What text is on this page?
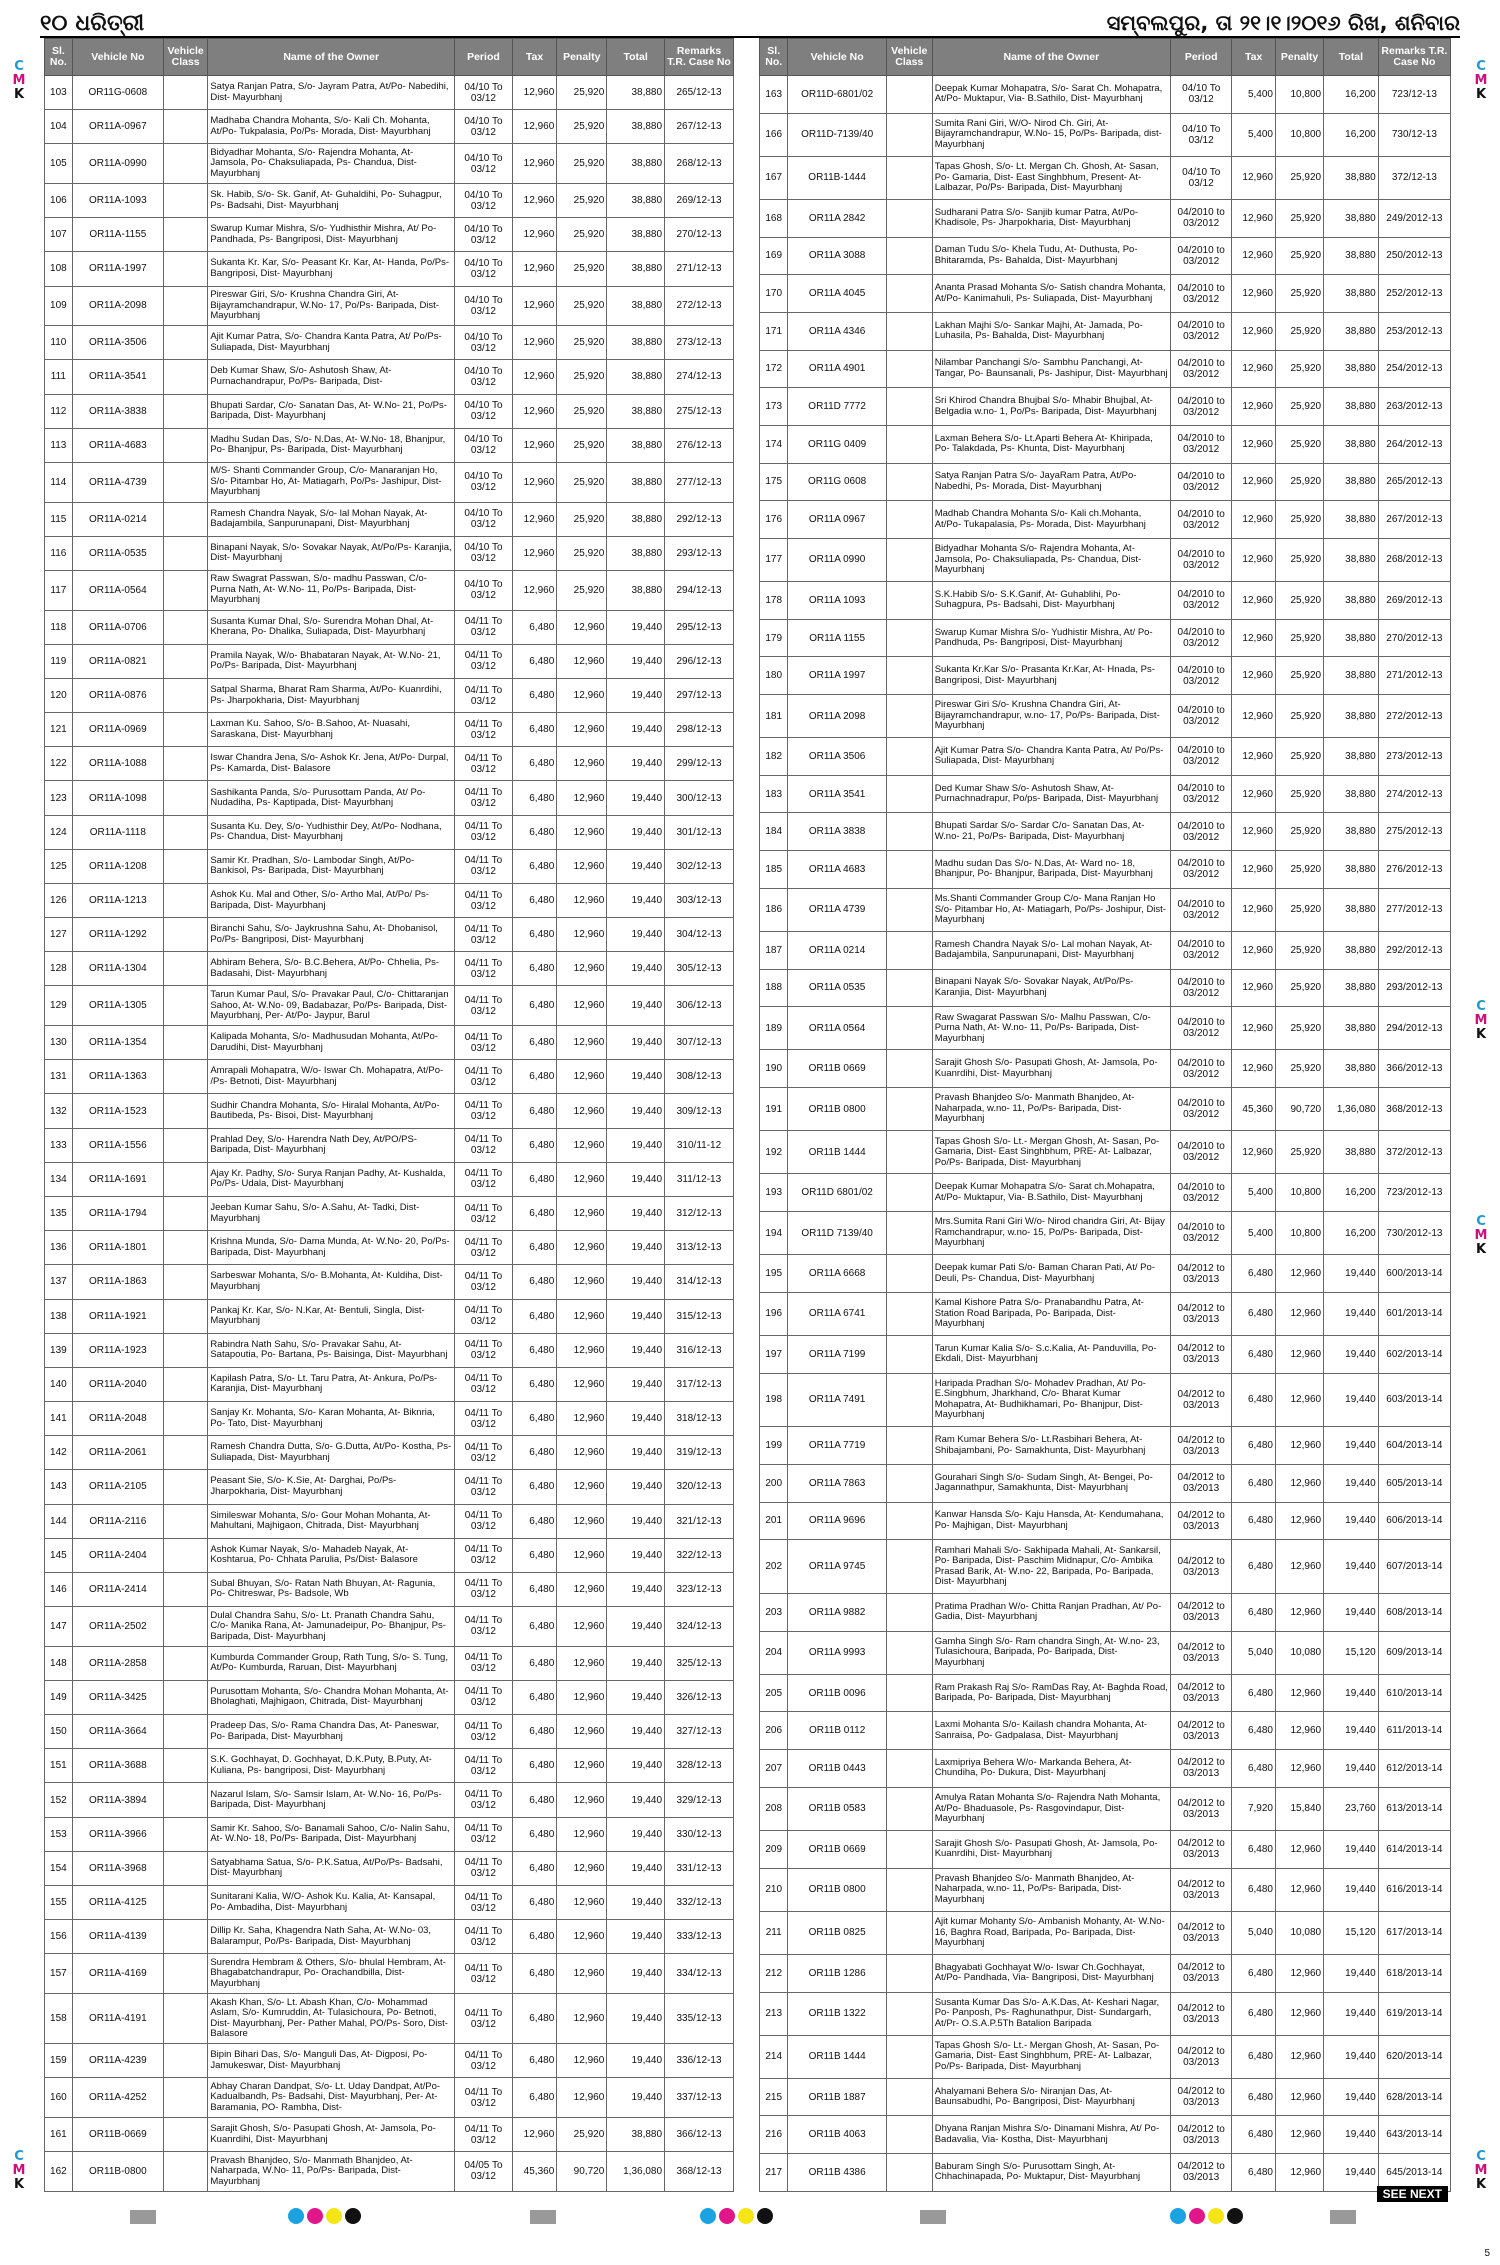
୧୦ ଧରିତ୍ରୀ	ସମ୍ବଲପୁର, ତା ୨୧।୧।୨୦୧୬ ରିଖ, ଶନିବାର
Sl. No.	Vehicle No	Vehicle Class	Name of the Owner	Period	Tax	Penalty	Total	Remarks T.R. Case No
103	OR11G-0608		Satya Ranjan Patra, S/o- Jayram Patra, At/Po- Nabedihi, Dist- Mayurbhanj	04/10 To 03/12	12,960	25,920	38,880	265/12-13
104	OR11A-0967		Madhaba Chandra Mohanta, S/o- Kali Ch. Mohanta, At/Po- Tukpalasia, Po/Ps- Morada, Dist- Mayurbhanj	04/10 To 03/12	12,960	25,920	38,880	267/12-13
105	OR11A-0990		Bidyadhar Mohanta, S/o- Rajendra Mohanta, At- Jamsola, Po- Chaksuliapada, Ps- Chandua, Dist- Mayurbhanj	04/10 To 03/12	12,960	25,920	38,880	268/12-13
106	OR11A-1093		Sk. Habib, S/o- Sk. Ganif, At- Guhaldihi, Po- Suhagpur, Ps- Badsahi, Dist- Mayurbhanj	04/10 To 03/12	12,960	25,920	38,880	269/12-13
107	OR11A-1155		Swarup Kumar Mishra, S/o- Yudhisthir Mishra, At/ Po- Pandhada, Ps- Bangriposi, Dist- Mayurbhanj	04/10 To 03/12	12,960	25,920	38,880	270/12-13
108	OR11A-1997		Sukanta Kr. Kar, S/o- Peasant Kr. Kar, At- Handa, Po/Ps- Bangriposi, Dist- Mayurbhanj	04/10 To 03/12	12,960	25,920	38,880	271/12-13
109	OR11A-2098		Pireswar Giri, S/o- Krushna Chandra Giri, At- Bijayramchandrapur, W.No- 17, Po/Ps- Baripada, Dist- Mayurbhanj	04/10 To 03/12	12,960	25,920	38,880	272/12-13
110	OR11A-3506		Ajit Kumar Patra, S/o- Chandra Kanta Patra, At/ Po/Ps- Suliapada, Dist- Mayurbhanj	04/10 To 03/12	12,960	25,920	38,880	273/12-13
111	OR11A-3541		Deb Kumar Shaw, S/o- Ashutosh Shaw, At- Purnachandrapur, Po/Ps- Baripada, Dist-	04/10 To 03/12	12,960	25,920	38,880	274/12-13
112	OR11A-3838		Bhupati Sardar, C/o- Sanatan Das, At- W.No- 21, Po/Ps- Baripada, Dist- Mayurbhanj	04/10 To 03/12	12,960	25,920	38,880	275/12-13
113	OR11A-4683		Madhu Sudan Das, S/o- N.Das, At- W.No- 18, Bhanjpur, Po- Bhanjpur, Ps- Baripada, Dist- Mayurbhanj	04/10 To 03/12	12,960	25,920	38,880	276/12-13
114	OR11A-4739		M/S- Shanti Commander Group, C/o- Manaranjan Ho, S/o- Pitambar Ho, At- Matiagarh, Po/Ps- Jashipur, Dist- Mayurbhanj	04/10 To 03/12	12,960	25,920	38,880	277/12-13
115	OR11A-0214		Ramesh Chandra Nayak, S/o- lal Mohan Nayak, At- Badajambila, Sanpurunapani, Dist- Mayurbhanj	04/10 To 03/12	12,960	25,920	38,880	292/12-13
116	OR11A-0535		Binapani Nayak, S/o- Sovakar Nayak, At/Po/Ps- Karanjia, Dist- Mayurbhanj	04/10 To 03/12	12,960	25,920	38,880	293/12-13
117	OR11A-0564		Raw Swagrat Passwan, S/o- madhu Passwan, C/o- Purna Nath, At- W.No- 11, Po/Ps- Baripada, Dist- Mayurbhanj	04/10 To 03/12	12,960	25,920	38,880	294/12-13
118	OR11A-0706		Susanta Kumar Dhal, S/o- Surendra Mohan Dhal, At- Kherana, Po- Dhalika, Suliapada, Dist- Mayurbhanj	04/11 To 03/12	6,480	12,960	19,440	295/12-13
119	OR11A-0821		Pramila Nayak, W/o- Bhabataran Nayak, At- W.No- 21, Po/Ps- Baripada, Dist- Mayurbhanj	04/11 To 03/12	6,480	12,960	19,440	296/12-13
120	OR11A-0876		Satpal Sharma, Bharat Ram Sharma, At/Po- Kuanrdihi, Ps- Jharpokharia, Dist- Mayurbhanj	04/11 To 03/12	6,480	12,960	19,440	297/12-13
121	OR11A-0969		Laxman Ku. Sahoo, S/o- B.Sahoo, At- Nuasahi, Saraskana, Dist- Mayurbhanj	04/11 To 03/12	6,480	12,960	19,440	298/12-13
122	OR11A-1088		Iswar Chandra Jena, S/o- Ashok Kr. Jena, At/Po- Durpal, Ps- Kamarda, Dist- Balasore	04/11 To 03/12	6,480	12,960	19,440	299/12-13
123	OR11A-1098		Sashikanta Panda, S/o- Purusottam Panda, At/ Po- Nudadiha, Ps- Kaptipada, Dist- Mayurbhanj	04/11 To 03/12	6,480	12,960	19,440	300/12-13
124	OR11A-1118		Susanta Ku. Dey, S/o- Yudhisthir Dey, At/Po- Nodhana, Ps- Chandua, Dist- Mayurbhanj	04/11 To 03/12	6,480	12,960	19,440	301/12-13
125	OR11A-1208		Samir Kr. Pradhan, S/o- Lambodar Singh, At/Po- Bankisol, Ps- Baripada, Dist- Mayurbhanj	04/11 To 03/12	6,480	12,960	19,440	302/12-13
126	OR11A-1213		Ashok Ku. Mal and Other, S/o- Artho Mal, At/Po/ Ps- Baripada, Dist- Mayurbhanj	04/11 To 03/12	6,480	12,960	19,440	303/12-13
127	OR11A-1292		Biranchi Sahu, S/o- Jaykrushna Sahu, At- Dhobanisol, Po/Ps- Bangriposi, Dist- Mayurbhanj	04/11 To 03/12	6,480	12,960	19,440	304/12-13
128	OR11A-1304		Abhiram Behera, S/o- B.C.Behera, At/Po- Chhelia, Ps- Badasahi, Dist- Mayurbhanj	04/11 To 03/12	6,480	12,960	19,440	305/12-13
129	OR11A-1305		Tarun Kumar Paul, S/o- Pravakar Paul, C/o- Chittaranjan Sahoo, At- W.No- 09, Badabazar, Po/Ps- Baripada, Dist- Mayurbhanj, Per- At/Po- Jaypur, Barul	04/11 To 03/12	6,480	12,960	19,440	306/12-13
130	OR11A-1354		Kalipada Mohanta, S/o- Madhusudan Mohanta, At/Po- Darudihi, Dist- Mayurbhanj	04/11 To 03/12	6,480	12,960	19,440	307/12-13
131	OR11A-1363		Amrapali Mohapatra, W/o- Iswar Ch. Mohapatra, At/Po- /Ps- Betnoti, Dist- Mayurbhanj	04/11 To 03/12	6,480	12,960	19,440	308/12-13
132	OR11A-1523		Sudhir Chandra Mohanta, S/o- Hiralal Mohanta, At/Po- Bautibeda, Ps- Bisoi, Dist- Mayurbhanj	04/11 To 03/12	6,480	12,960	19,440	309/12-13
133	OR11A-1556		Prahlad Dey, S/o- Harendra Nath Dey, At/PO/PS- Baripada, Dist- Mayurbhanj	04/11 To 03/12	6,480	12,960	19,440	310/11-12
134	OR11A-1691		Ajay Kr. Padhy, S/o- Surya Ranjan Padhy, At- Kushalda, Po/Ps- Udala, Dist- Mayurbhanj	04/11 To 03/12	6,480	12,960	19,440	311/12-13
135	OR11A-1794		Jeeban Kumar Sahu, S/o- A.Sahu, At- Tadki, Dist- Mayurbhanj	04/11 To 03/12	6,480	12,960	19,440	312/12-13
136	OR11A-1801		Krishna Munda, S/o- Dama Munda, At- W.No- 20, Po/Ps- Baripada, Dist- Mayurbhanj	04/11 To 03/12	6,480	12,960	19,440	313/12-13
137	OR11A-1863		Sarbeswar Mohanta, S/o- B.Mohanta, At- Kuldiha, Dist- Mayurbhanj	04/11 To 03/12	6,480	12,960	19,440	314/12-13
138	OR11A-1921		Pankaj Kr. Kar, S/o- N.Kar, At- Bentuli, Singla, Dist- Mayurbhanj	04/11 To 03/12	6,480	12,960	19,440	315/12-13
139	OR11A-1923		Rabindra Nath Sahu, S/o- Pravakar Sahu, At- Satapoutia, Po- Bartana, Ps- Baisinga, Dist- Mayurbhanj	04/11 To 03/12	6,480	12,960	19,440	316/12-13
140	OR11A-2040		Kapilash Patra, S/o- Lt. Taru Patra, At- Ankura, Po/Ps- Karanjia, Dist- Mayurbhanj	04/11 To 03/12	6,480	12,960	19,440	317/12-13
141	OR11A-2048		Sanjay Kr. Mohanta, S/o- Karan Mohanta, At- Biknria, Po- Tato, Dist- Mayurbhanj	04/11 To 03/12	6,480	12,960	19,440	318/12-13
142	OR11A-2061		Ramesh Chandra Dutta, S/o- G.Dutta, At/Po- Kostha, Ps- Suliapada, Dist- Mayurbhanj	04/11 To 03/12	6,480	12,960	19,440	319/12-13
143	OR11A-2105		Peasant Sie, S/o- K.Sie, At- Darghai, Po/Ps- Jharpokharia, Dist- Mayurbhanj	04/11 To 03/12	6,480	12,960	19,440	320/12-13
144	OR11A-2116		Simileswar Mohanta, S/o- Gour Mohan Mohanta, At- Mahultani, Majhigaon, Chitrada, Dist- Mayurbhanj	04/11 To 03/12	6,480	12,960	19,440	321/12-13
145	OR11A-2404		Ashok Kumar Nayak, S/o- Mahadeb Nayak, At- Koshtarua, Po- Chhata Parulia, Ps/Dist- Balasore	04/11 To 03/12	6,480	12,960	19,440	322/12-13
146	OR11A-2414		Subal Bhuyan, S/o- Ratan Nath Bhuyan, At- Ragunia, Po- Chitreswar, Ps- Badsole, Wb	04/11 To 03/12	6,480	12,960	19,440	323/12-13
147	OR11A-2502		Dulal Chandra Sahu, S/o- Lt. Pranath Chandra Sahu, C/o- Manika Rana, At- Jamunadeipur, Po- Bhanjpur, Ps- Baripada, Dist- Mayurbhanj	04/11 To 03/12	6,480	12,960	19,440	324/12-13
148	OR11A-2858		Kumburda Commander Group, Rath Tung, S/o- S. Tung, At/Po- Kumburda, Raruan, Dist- Mayurbhanj	04/11 To 03/12	6,480	12,960	19,440	325/12-13
149	OR11A-3425		Purusottam Mohanta, S/o- Chandra Mohan Mohanta, At- Bholaghati, Majhigaon, Chitrada, Dist- Mayurbhanj	04/11 To 03/12	6,480	12,960	19,440	326/12-13
150	OR11A-3664		Pradeep Das, S/o- Rama Chandra Das, At- Paneswar, Po- Baripada, Dist- Mayurbhanj	04/11 To 03/12	6,480	12,960	19,440	327/12-13
151	OR11A-3688		S.K. Gochhayat, D. Gochhayat, D.K.Puty, B.Puty, At- Kuliana, Ps- bangriposi, Dist- Mayurbhanj	04/11 To 03/12	6,480	12,960	19,440	328/12-13
152	OR11A-3894		Nazarul Islam, S/o- Samsir Islam, At- W.No- 16, Po/Ps- Baripada, Dist- Mayurbhanj	04/11 To 03/12	6,480	12,960	19,440	329/12-13
153	OR11A-3966		Samir Kr. Sahoo, S/o- Banamali Sahoo, C/o- Nalin Sahu, At- W.No- 18, Po/Ps- Baripada, Dist- Mayurbhanj	04/11 To 03/12	6,480	12,960	19,440	330/12-13
154	OR11A-3968		Satyabhama Satua, S/o- P.K.Satua, At/Po/Ps- Badsahi, Dist- Mayurbhanj	04/11 To 03/12	6,480	12,960	19,440	331/12-13
155	OR11A-4125		Sunitarani Kalia, W/O- Ashok Ku. Kalia, At- Kansapal, Po- Ambadiha, Dist- Mayurbhanj	04/11 To 03/12	6,480	12,960	19,440	332/12-13
156	OR11A-4139		Dillip Kr. Saha, Khagendra Nath Saha, At- W.No- 03, Balarampur, Po/Ps- Baripada, Dist- Mayurbhanj	04/11 To 03/12	6,480	12,960	19,440	333/12-13
157	OR11A-4169		Surendra Hembram & Others, S/o- bhulal Hembram, At- Bhagabatchandrapur, Po- Orachandbilla, Dist- Mayurbhanj	04/11 To 03/12	6,480	12,960	19,440	334/12-13
158	OR11A-4191		Akash Khan, S/o- Lt. Abash Khan, C/o- Mohammad Aslam, S/o- Kumruddin, At- Tulasichoura, Po- Betnoti, Dist- Mayurbhanj, Per- Pather Mahal, PO/Ps- Soro, Dist- Balasore	04/11 To 03/12	6,480	12,960	19,440	335/12-13
159	OR11A-4239		Bipin Bihari Das, S/o- Manguli Das, At- Digposi, Po- Jamukeswar, Dist- Mayurbhanj	04/11 To 03/12	6,480	12,960	19,440	336/12-13
160	OR11A-4252		Abhay Charan Dandpat, S/o- Lt. Uday Dandpat, At/Po- Kadualbandh, Ps- Badsahi, Dist- Mayurbhanj, Per- At- Baramania, PO- Rambha, Dist-	04/11 To 03/12	6,480	12,960	19,440	337/12-13
161	OR11B-0669		Sarajit Ghosh, S/o- Pasupati Ghosh, At- Jamsola, Po- Kuanrdihi, Dist- Mayurbhanj	04/11 To 03/12	12,960	25,920	38,880	366/12-13
162	OR11B-0800		Pravash Bhanjdeo, S/o- Manmath Bhanjdeo, At- Naharpada, W.No- 11, Po/Ps- Baripada, Dist- Mayurbhanj	04/05 To 03/12	45,360	90,720	1,36,080	368/12-13
Sl. No.	Vehicle No	Vehicle Class	Name of the Owner	Period	Tax	Penalty	Total	Remarks T.R. Case No
163	OR11D-6801/02		Deepak Kumar Mohapatra, S/o- Sarat Ch. Mohapatra, At/Po- Muktapur, Via- B.Sathilo, Dist- Mayurbhanj	04/10 To 03/12	5,400	10,800	16,200	723/12-13
166	OR11D-7139/40		Sumita Rani Giri, W/O- Nirod Ch. Giri, At- Bijayramchandrapur, W.No- 15, Po/Ps- Baripada, dist- Mayurbhanj	04/10 To 03/12	5,400	10,800	16,200	730/12-13
167	OR11B-1444		Tapas Ghosh, S/o- Lt. Mergan Ch. Ghosh, At- Sasan, Po- Gamaria, Dist- East Singhbhum, Present- At- Lalbazar, Po/Ps- Baripada, Dist- Mayurbhanj	04/10 To 03/12	12,960	25,920	38,880	372/12-13
168	OR11A 2842		Sudharani Patra S/o- Sanjib kumar Patra, At/Po- Khadisole, Ps- Jharpokharia, Dist- Mayurbhanj	04/2010 to 03/2012	12,960	25,920	38,880	249/2012-13
169	OR11A 3088		Daman Tudu S/o- Khela Tudu, At- Duthusta, Po- Bhitaramda, Ps- Bahalda, Dist- Mayurbhanj	04/2010 to 03/2012	12,960	25,920	38,880	250/2012-13
170	OR11A 4045		Ananta Prasad Mohanta S/o- Satish chandra Mohanta, At/Po- Kanimahuli, Ps- Suliapada, Dist- Mayurbhanj	04/2010 to 03/2012	12,960	25,920	38,880	252/2012-13
171	OR11A 4346		Lakhan Majhi S/o- Sankar Majhi, At- Jamada, Po- Luhasila, Ps- Bahalda, Dist- Mayurbhanj	04/2010 to 03/2012	12,960	25,920	38,880	253/2012-13
172	OR11A 4901		Nilambar Panchangi S/o- Sambhu Panchangi, At- Tangar, Po- Baunsanali, Ps- Jashipur, Dist- Mayurbhanj	04/2010 to 03/2012	12,960	25,920	38,880	254/2012-13
173	OR11D 7772		Sri Khirod Chandra Bhujbal S/o- Mhabir Bhujbal, At- Belgadia w.no- 1, Po/Ps- Baripada, Dist- Mayurbhanj	04/2010 to 03/2012	12,960	25,920	38,880	263/2012-13
174	OR11G 0409		Laxman Behera S/o- Lt.Aparti Behera At- Khiripada, Po- Talakdada, Ps- Khunta, Dist- Mayurbhanj	04/2010 to 03/2012	12,960	25,920	38,880	264/2012-13
175	OR11G 0608		Satya Ranjan Patra S/o- JayaRam Patra, At/Po- Nabedhi, Ps- Morada, Dist- Mayurbhanj	04/2010 to 03/2012	12,960	25,920	38,880	265/2012-13
176	OR11A 0967		Madhab Chandra Mohanta S/o- Kali ch.Mohanta, At/Po- Tukapalasia, Ps- Morada, Dist- Mayurbhanj	04/2010 to 03/2012	12,960	25,920	38,880	267/2012-13
177	OR11A 0990		Bidyadhar Mohanta S/o- Rajendra Mohanta, At- Jamsola, Po- Chaksuliapada, Ps- Chandua, Dist- Mayurbhanj	04/2010 to 03/2012	12,960	25,920	38,880	268/2012-13
178	OR11A 1093		S.K.Habib S/o- S.K.Ganif, At- Guhablihi, Po- Suhagpura, Ps- Badsahi, Dist- Mayurbhanj	04/2010 to 03/2012	12,960	25,920	38,880	269/2012-13
179	OR11A 1155		Swarup Kumar Mishra S/o- Yudhistir Mishra, At/ Po- Pandhuda, Ps- Bangriposi, Dist- Mayurbhanj	04/2010 to 03/2012	12,960	25,920	38,880	270/2012-13
180	OR11A 1997		Sukanta Kr.Kar S/o- Prasanta Kr.Kar, At- Hnada, Ps- Bangriposi, Dist- Mayurbhanj	04/2010 to 03/2012	12,960	25,920	38,880	271/2012-13
181	OR11A 2098		Pireswar Giri S/o- Krushna Chandra Giri, At- Bijayramchandrapur, w.no- 17, Po/Ps- Baripada, Dist- Mayurbhanj	04/2010 to 03/2012	12,960	25,920	38,880	272/2012-13
182	OR11A 3506		Ajit Kumar Patra S/o- Chandra Kanta Patra, At/ Po/Ps- Suliapada, Dist- Mayurbhanj	04/2010 to 03/2012	12,960	25,920	38,880	273/2012-13
183	OR11A 3541		Ded Kumar Shaw S/o- Ashutosh Shaw, At- Purnachnadrapur, Po/ps- Baripada, Dist- Mayurbhanj	04/2010 to 03/2012	12,960	25,920	38,880	274/2012-13
184	OR11A 3838		Bhupati Sardar S/o- Sardar C/o- Sanatan Das, At- W.no- 21, Po/Ps- Baripada, Dist- Mayurbhanj	04/2010 to 03/2012	12,960	25,920	38,880	275/2012-13
185	OR11A 4683		Madhu sudan Das S/o- N.Das, At- Ward no- 18, Bhanjpur, Po- Bhanjpur, Baripada, Dist- Mayurbhanj	04/2010 to 03/2012	12,960	25,920	38,880	276/2012-13
186	OR11A 4739		Ms.Shanti Commander Group C/o- Mana Ranjan Ho S/o- Pitambar Ho, At- Matiagarh, Po/Ps- Joshipur, Dist- Mayurbhanj	04/2010 to 03/2012	12,960	25,920	38,880	277/2012-13
187	OR11A 0214		Ramesh Chandra Nayak S/o- Lal mohan Nayak, At- Badajambila, Sanpurunapani, Dist- Mayurbhanj	04/2010 to 03/2012	12,960	25,920	38,880	292/2012-13
188	OR11A 0535		Binapani Nayak S/o- Sovakar Nayak, At/Po/Ps- Karanjia, Dist- Mayurbhanj	04/2010 to 03/2012	12,960	25,920	38,880	293/2012-13
189	OR11A 0564		Raw Swagarat Passwan S/o- Malhu Passwan, C/o- Purna Nath, At- W.no- 11, Po/Ps- Baripada, Dist- Mayurbhanj	04/2010 to 03/2012	12,960	25,920	38,880	294/2012-13
190	OR11B 0669		Sarajit Ghosh S/o- Pasupati Ghosh, At- Jamsola, Po- Kuanrdihi, Dist- Mayurbhanj	04/2010 to 03/2012	12,960	25,920	38,880	366/2012-13
191	OR11B 0800		Pravash Bhanjdeo S/o- Manmath Bhanjdeo, At- Naharpada, w.no- 11, Po/Ps- Baripada, Dist- Mayurbhanj	04/2010 to 03/2012	45,360	90,720	1,36,080	368/2012-13
192	OR11B 1444		Tapas Ghosh S/o- Lt.- Mergan Ghosh, At- Sasan, Po- Gamaria, Dist- East Singhbhum, PRE- At- Lalbazar, Po/Ps- Baripada, Dist- Mayurbhanj	04/2010 to 03/2012	12,960	25,920	38,880	372/2012-13
193	OR11D 6801/02		Deepak Kumar Mohapatra S/o- Sarat ch.Mohapatra, At/Po- Muktapur, Via- B.Sathilo, Dist- Mayurbhanj	04/2010 to 03/2012	5,400	10,800	16,200	723/2012-13
194	OR11D 7139/40		Mrs.Sumita Rani Giri W/o- Nirod chandra Giri, At- Bijay Ramchandrapur, w.no- 15, Po/Ps- Baripada, Dist- Mayurbhanj	04/2010 to 03/2012	5,400	10,800	16,200	730/2012-13
195	OR11A 6668		Deepak kumar Pati S/o- Baman Charan Pati, At/ Po- Deuli, Ps- Chandua, Dist- Mayurbhanj	04/2012 to 03/2013	6,480	12,960	19,440	600/2013-14
196	OR11A 6741		Kamal Kishore Patra S/o- Pranabandhu Patra, At- Station Road Baripada, Po- Baripada, Dist- Mayurbhanj	04/2012 to 03/2013	6,480	12,960	19,440	601/2013-14
197	OR11A 7199		Tarun Kumar Kalia S/o- S.c.Kalia, At- Panduvilla, Po- Ekdali, Dist- Mayurbhanj	04/2012 to 03/2013	6,480	12,960	19,440	602/2013-14
198	OR11A 7491		Haripada Pradhan S/o- Mohadev Pradhan, At/ Po- E.Singbhum, Jharkhand, C/o- Bharat Kumar Mohapatra, At- Budhikhamari, Po- Bhanjpur, Dist- Mayurbhanj	04/2012 to 03/2013	6,480	12,960	19,440	603/2013-14
199	OR11A 7719		Ram Kumar Behera S/o- Lt.Rasbihari Behera, At- Shibajambani, Po- Samakhunta, Dist- Mayurbhanj	04/2012 to 03/2013	6,480	12,960	19,440	604/2013-14
200	OR11A 7863		Gourahari Singh S/o- Sudam Singh, At- Bengei, Po- Jagannathpur, Samakhunta, Dist- Mayurbhanj	04/2012 to 03/2013	6,480	12,960	19,440	605/2013-14
201	OR11A 9696		Kanwar Hansda S/o- Kaju Hansda, At- Kendumahana, Po- Majhigan, Dist- Mayurbhanj	04/2012 to 03/2013	6,480	12,960	19,440	606/2013-14
202	OR11A 9745		Ramhari Mahali S/o- Sakhipada Mahali, At- Sankarsil, Po- Baripada, Dist- Paschim Midnapur, C/o- Ambika Prasad Barik, At- W.no- 22, Baripada, Po- Baripada, Dist- Mayurbhanj	04/2012 to 03/2013	6,480	12,960	19,440	607/2013-14
203	OR11A 9882		Pratima Pradhan W/o- Chitta Ranjan Pradhan, At/ Po- Gadia, Dist- Mayurbhanj	04/2012 to 03/2013	6,480	12,960	19,440	608/2013-14
204	OR11A 9993		Gamha Singh S/o- Ram chandra Singh, At- W.no- 23, Tulasichoura, Baripada, Po- Baripada, Dist- Mayurbhanj	04/2012 to 03/2013	5,040	10,080	15,120	609/2013-14
205	OR11B 0096		Ram Prakash Raj S/o- RamDas Ray, At- Baghda Road, Baripada, Po- Baripada, Dist- Mayurbhanj	04/2012 to 03/2013	6,480	12,960	19,440	610/2013-14
206	OR11B 0112		Laxmi Mohanta S/o- Kailash chandra Mohanta, At- Sanraisa, Po- Gadpalasa, Dist- Mayurbhanj	04/2012 to 03/2013	6,480	12,960	19,440	611/2013-14
207	OR11B 0443		Laxmipriya Behera W/o- Markanda Behera, At- Chundiha, Po- Dukura, Dist- Mayurbhanj	04/2012 to 03/2013	6,480	12,960	19,440	612/2013-14
208	OR11B 0583		Amulya Ratan Mohanta S/o- Rajendra Nath Mohanta, At/Po- Bhaduasole, Ps- Rasgovindapur, Dist- Mayurbhanj	04/2012 to 03/2013	7,920	15,840	23,760	613/2013-14
209	OR11B 0669		Sarajit Ghosh S/o- Pasupati Ghosh, At- Jamsola, Po- Kuanrdihi, Dist- Mayurbhanj	04/2012 to 03/2013	6,480	12,960	19,440	614/2013-14
210	OR11B 0800		Pravash Bhanjdeo S/o- Manmath Bhanjdeo, At- Naharpada, w.no- 11, Po/Ps- Baripada, Dist- Mayurbhanj	04/2012 to 03/2013	6,480	12,960	19,440	616/2013-14
211	OR11B 0825		Ajit kumar Mohanty S/o- Ambanish Mohanty, At- W.No- 16, Baghra Road, Baripada, Po- Baripada, Dist- Mayurbhanj	04/2012 to 03/2013	5,040	10,080	15,120	617/2013-14
212	OR11B 1286		Bhagyabati Gochhayat W/o- Iswar Ch.Gochhayat, At/Po- Pandhada, Via- Bangriposi, Dist- Mayurbhanj	04/2012 to 03/2013	6,480	12,960	19,440	618/2013-14
213	OR11B 1322		Susanta Kumar Das S/o- A.K.Das, At- Keshari Nagar, Po- Panposh, Ps- Raghunathpur, Dist- Sundargarh, At/Pr- O.S.A.P.5Th Batalion Baripada	04/2012 to 03/2013	6,480	12,960	19,440	619/2013-14
214	OR11B 1444		Tapas Ghosh S/o- Lt.- Mergan Ghosh, At- Sasan, Po- Gamaria, Dist- East Singhbhum, PRE- At- Lalbazar, Po/Ps- Baripada, Dist- Mayurbhanj	04/2012 to 03/2013	6,480	12,960	19,440	620/2013-14
215	OR11B 1887		Ahalyamani Behera S/o- Niranjan Das, At- Baunsabudhi, Po- Bangriposi, Dist- Mayurbhanj	04/2012 to 03/2013	6,480	12,960	19,440	628/2013-14
216	OR11B 4063		Dhyana Ranjan Mishra S/o- Dinamani Mishra, At/ Po- Badavalia, Via- Kostha, Dist- Mayurbhanj	04/2012 to 03/2013	6,480	12,960	19,440	643/2013-14
217	OR11B 4386		Baburam Singh S/o- Purusottam Singh, At- Chhachinapada, Po- Muktapur, Dist- Mayurbhanj	04/2012 to 03/2013	6,480	12,960	19,440	645/2013-14
C
M
K
C
M
K
C
M
K
C
M
K
C
M
K
C
M
K
SEE NEXT
5
